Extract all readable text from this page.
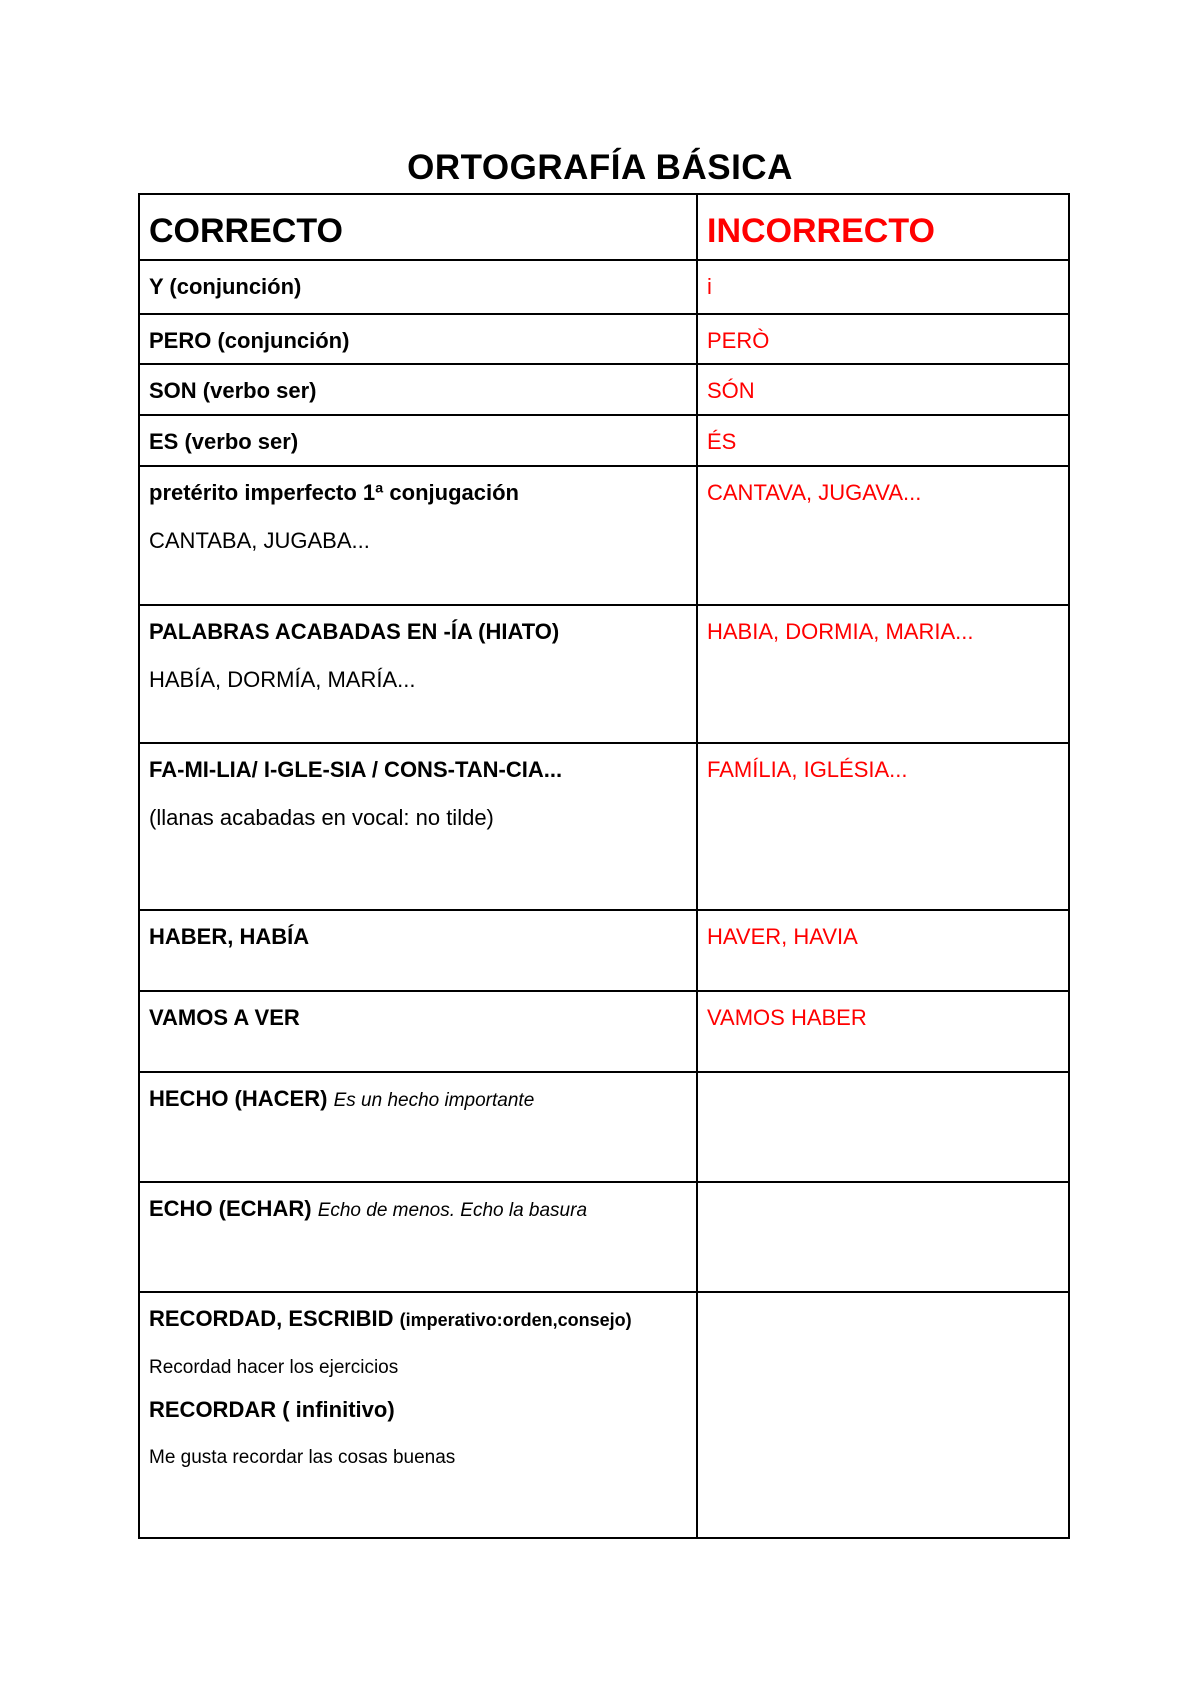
ORTOGRAFÍA BÁSICA
CORRECTO	INCORRECTO
Y (conjunción)	i
PERO (conjunción)	PERÒ
SON (verbo ser)	SÓN
ES (verbo ser)	ÉS

pretérito imperfecto 1ª conjugación
CANTABA, JUGABA...	CANTAVA, JUGAVA...

PALABRAS ACABADAS EN -ÍA (HIATO)
HABÍA, DORMÍA, MARÍA...	HABIA, DORMIA, MARIA...

FA-MI-LIA/ I-GLE-SIA / CONS-TAN-CIA...
(llanas acabadas en vocal: no tilde)	FAMÍLIA, IGLÉSIA...
HABER, HABÍA	HAVER, HAVIA
VAMOS A VER	VAMOS HABER
HECHO (HACER) Es un hecho importante	
ECHO (ECHAR) Echo de menos. Echo la basura	

RECORDAD, ESCRIBID (imperativo:orden,consejo)
Recordad hacer los ejercicios
RECORDAR ( infinitivo)
Me gusta recordar las cosas buenas	
